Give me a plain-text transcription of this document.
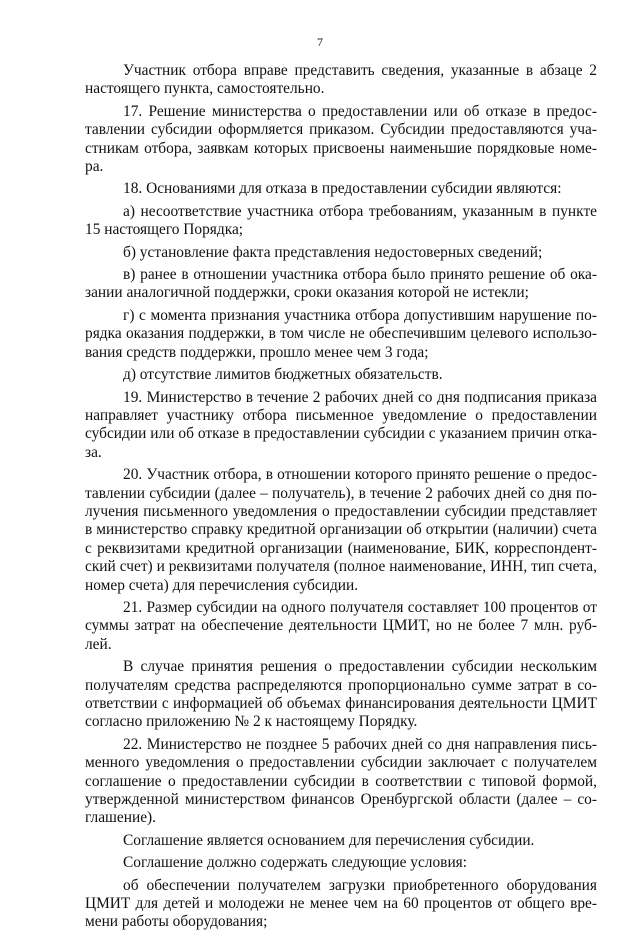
7
Участник отбора вправе представить сведения, указанные в абзаце 2
настоящего пункта, самостоятельно.
17. Решение министерства о предоставлении или об отказе в предос-
тавлении субсидии оформляется приказом. Субсидии предоставляются уча-
стникам отбора, заявкам которых присвоены наименьшие порядковые номе-
ра.
18. Основаниями для отказа в предоставлении субсидии являются:
а) несоответствие участника отбора требованиям, указанным в пункте
15 настоящего Порядка;
б) установление факта представления недостоверных сведений;
в) ранее в отношении участника отбора было принято решение об ока-
зании аналогичной поддержки, сроки оказания которой не истекли;
г) с момента признания участника отбора допустившим нарушение по-
рядка оказания поддержки, в том числе не обеспечившим целевого использо-
вания средств поддержки, прошло менее чем 3 года;
д) отсутствие лимитов бюджетных обязательств.
19. Министерство в течение 2 рабочих дней со дня подписания приказа
направляет участнику отбора письменное уведомление о предоставлении
субсидии или об отказе в предоставлении субсидии с указанием причин отка-
за.
20. Участник отбора, в отношении которого принято решение о предос-
тавлении субсидии (далее – получатель), в течение 2 рабочих дней со дня по-
лучения письменного уведомления о предоставлении субсидии представляет
в министерство справку кредитной организации об открытии (наличии) счета
с реквизитами кредитной организации (наименование, БИК, корреспондент-
ский счет) и реквизитами получателя (полное наименование, ИНН, тип счета,
номер счета) для перечисления субсидии.
21. Размер субсидии на одного получателя составляет 100 процентов от
суммы затрат на обеспечение деятельности ЦМИТ, но не более 7 млн. руб-
лей.
В случае принятия решения о предоставлении субсидии нескольким
получателям средства распределяются пропорционально сумме затрат в со-
ответствии с информацией об объемах финансирования деятельности ЦМИТ
согласно приложению № 2 к настоящему Порядку.
22. Министерство не позднее 5 рабочих дней со дня направления пись-
менного уведомления о предоставлении субсидии заключает с получателем
соглашение о предоставлении субсидии в соответствии с типовой формой,
утвержденной министерством финансов Оренбургской области (далее – со-
глашение).
Соглашение является основанием для перечисления субсидии.
Соглашение должно содержать следующие условия:
об обеспечении получателем загрузки приобретенного оборудования
ЦМИТ для детей и молодежи не менее чем на 60 процентов от общего вре-
мени работы оборудования;
